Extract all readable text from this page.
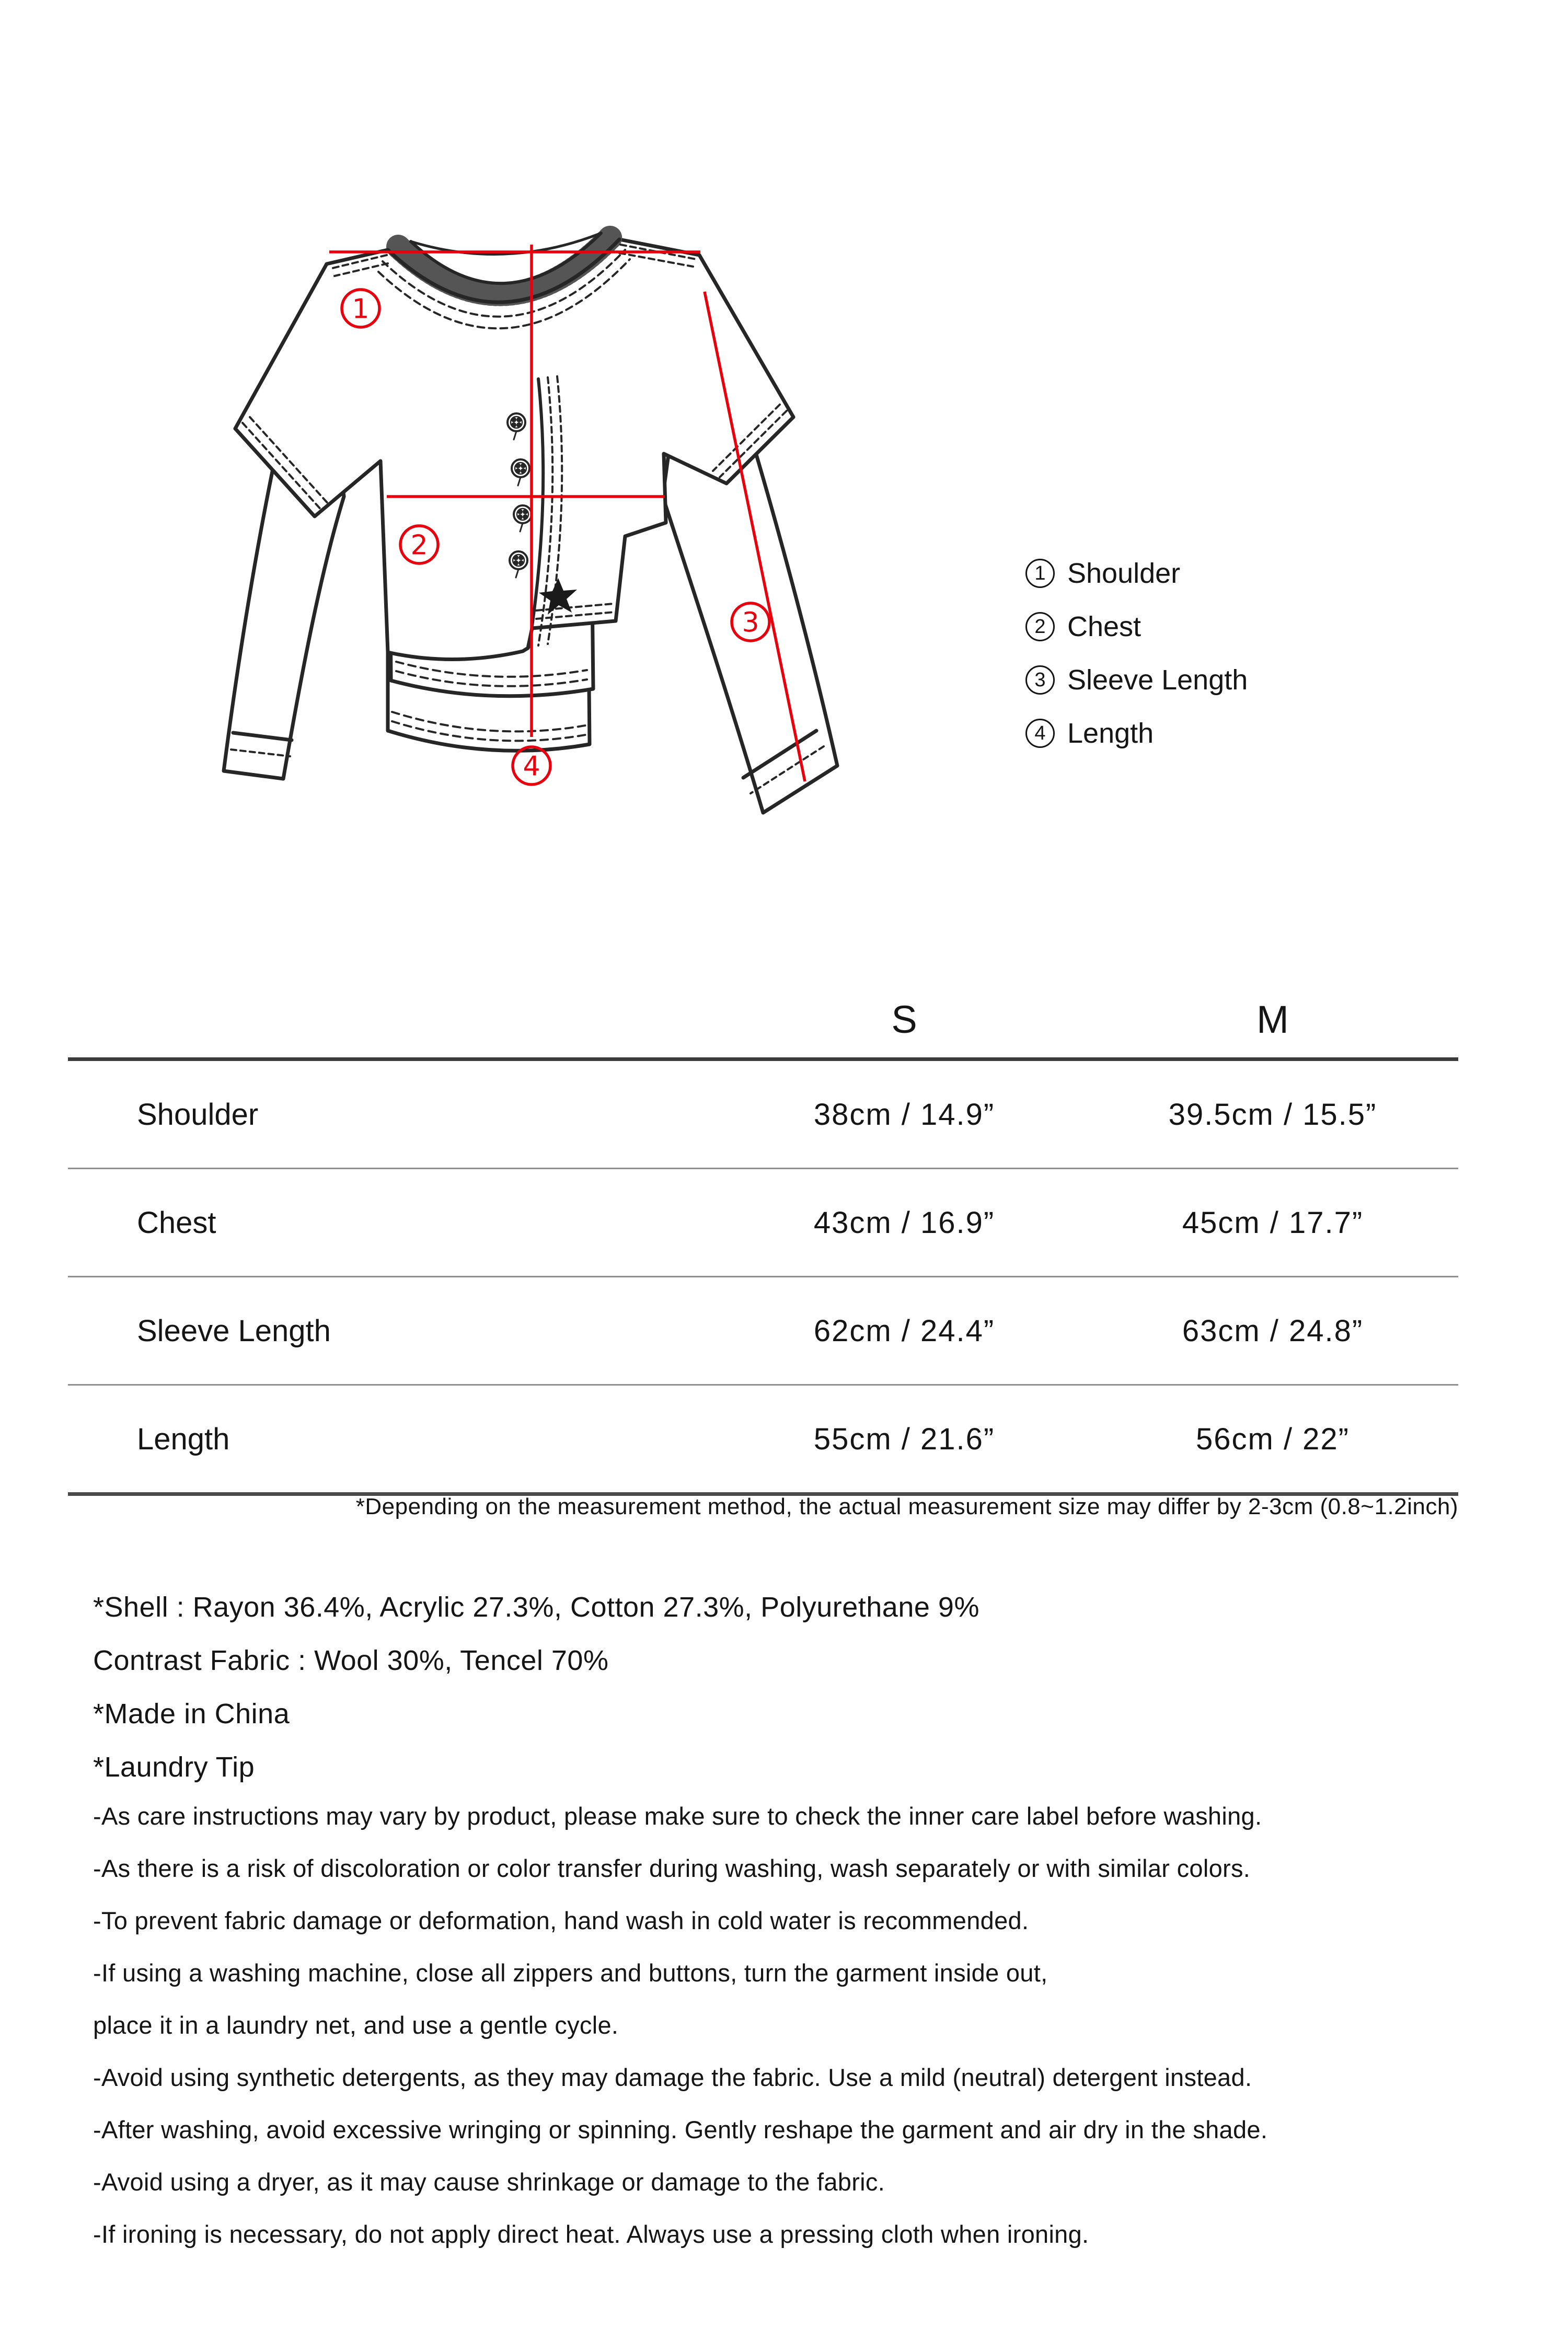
1
2
3
4
1 Shoulder
2 Chest
3 Sleeve Length
4 Length
S	M
Shoulder	38cm / 14.9”	39.5cm / 15.5”
Chest	43cm / 16.9”	45cm / 17.7”
Sleeve Length	62cm / 24.4”	63cm / 24.8”
Length	55cm / 21.6”	56cm / 22”
*Depending on the measurement method, the actual measurement size may differ by 2-3cm (0.8~1.2inch)
*Shell : Rayon 36.4%, Acrylic 27.3%, Cotton 27.3%, Polyurethane 9%
Contrast Fabric : Wool 30%, Tencel 70%
*Made in China
*Laundry Tip
-As care instructions may vary by product, please make sure to check the inner care label before washing.
-As there is a risk of discoloration or color transfer during washing, wash separately or with similar colors.
-To prevent fabric damage or deformation, hand wash in cold water is recommended.
-If using a washing machine, close all zippers and buttons, turn the garment inside out,
place it in a laundry net, and use a gentle cycle.
-Avoid using synthetic detergents, as they may damage the fabric. Use a mild (neutral) detergent instead.
-After washing, avoid excessive wringing or spinning. Gently reshape the garment and air dry in the shade.
-Avoid using a dryer, as it may cause shrinkage or damage to the fabric.
-If ironing is necessary, do not apply direct heat. Always use a pressing cloth when ironing.
